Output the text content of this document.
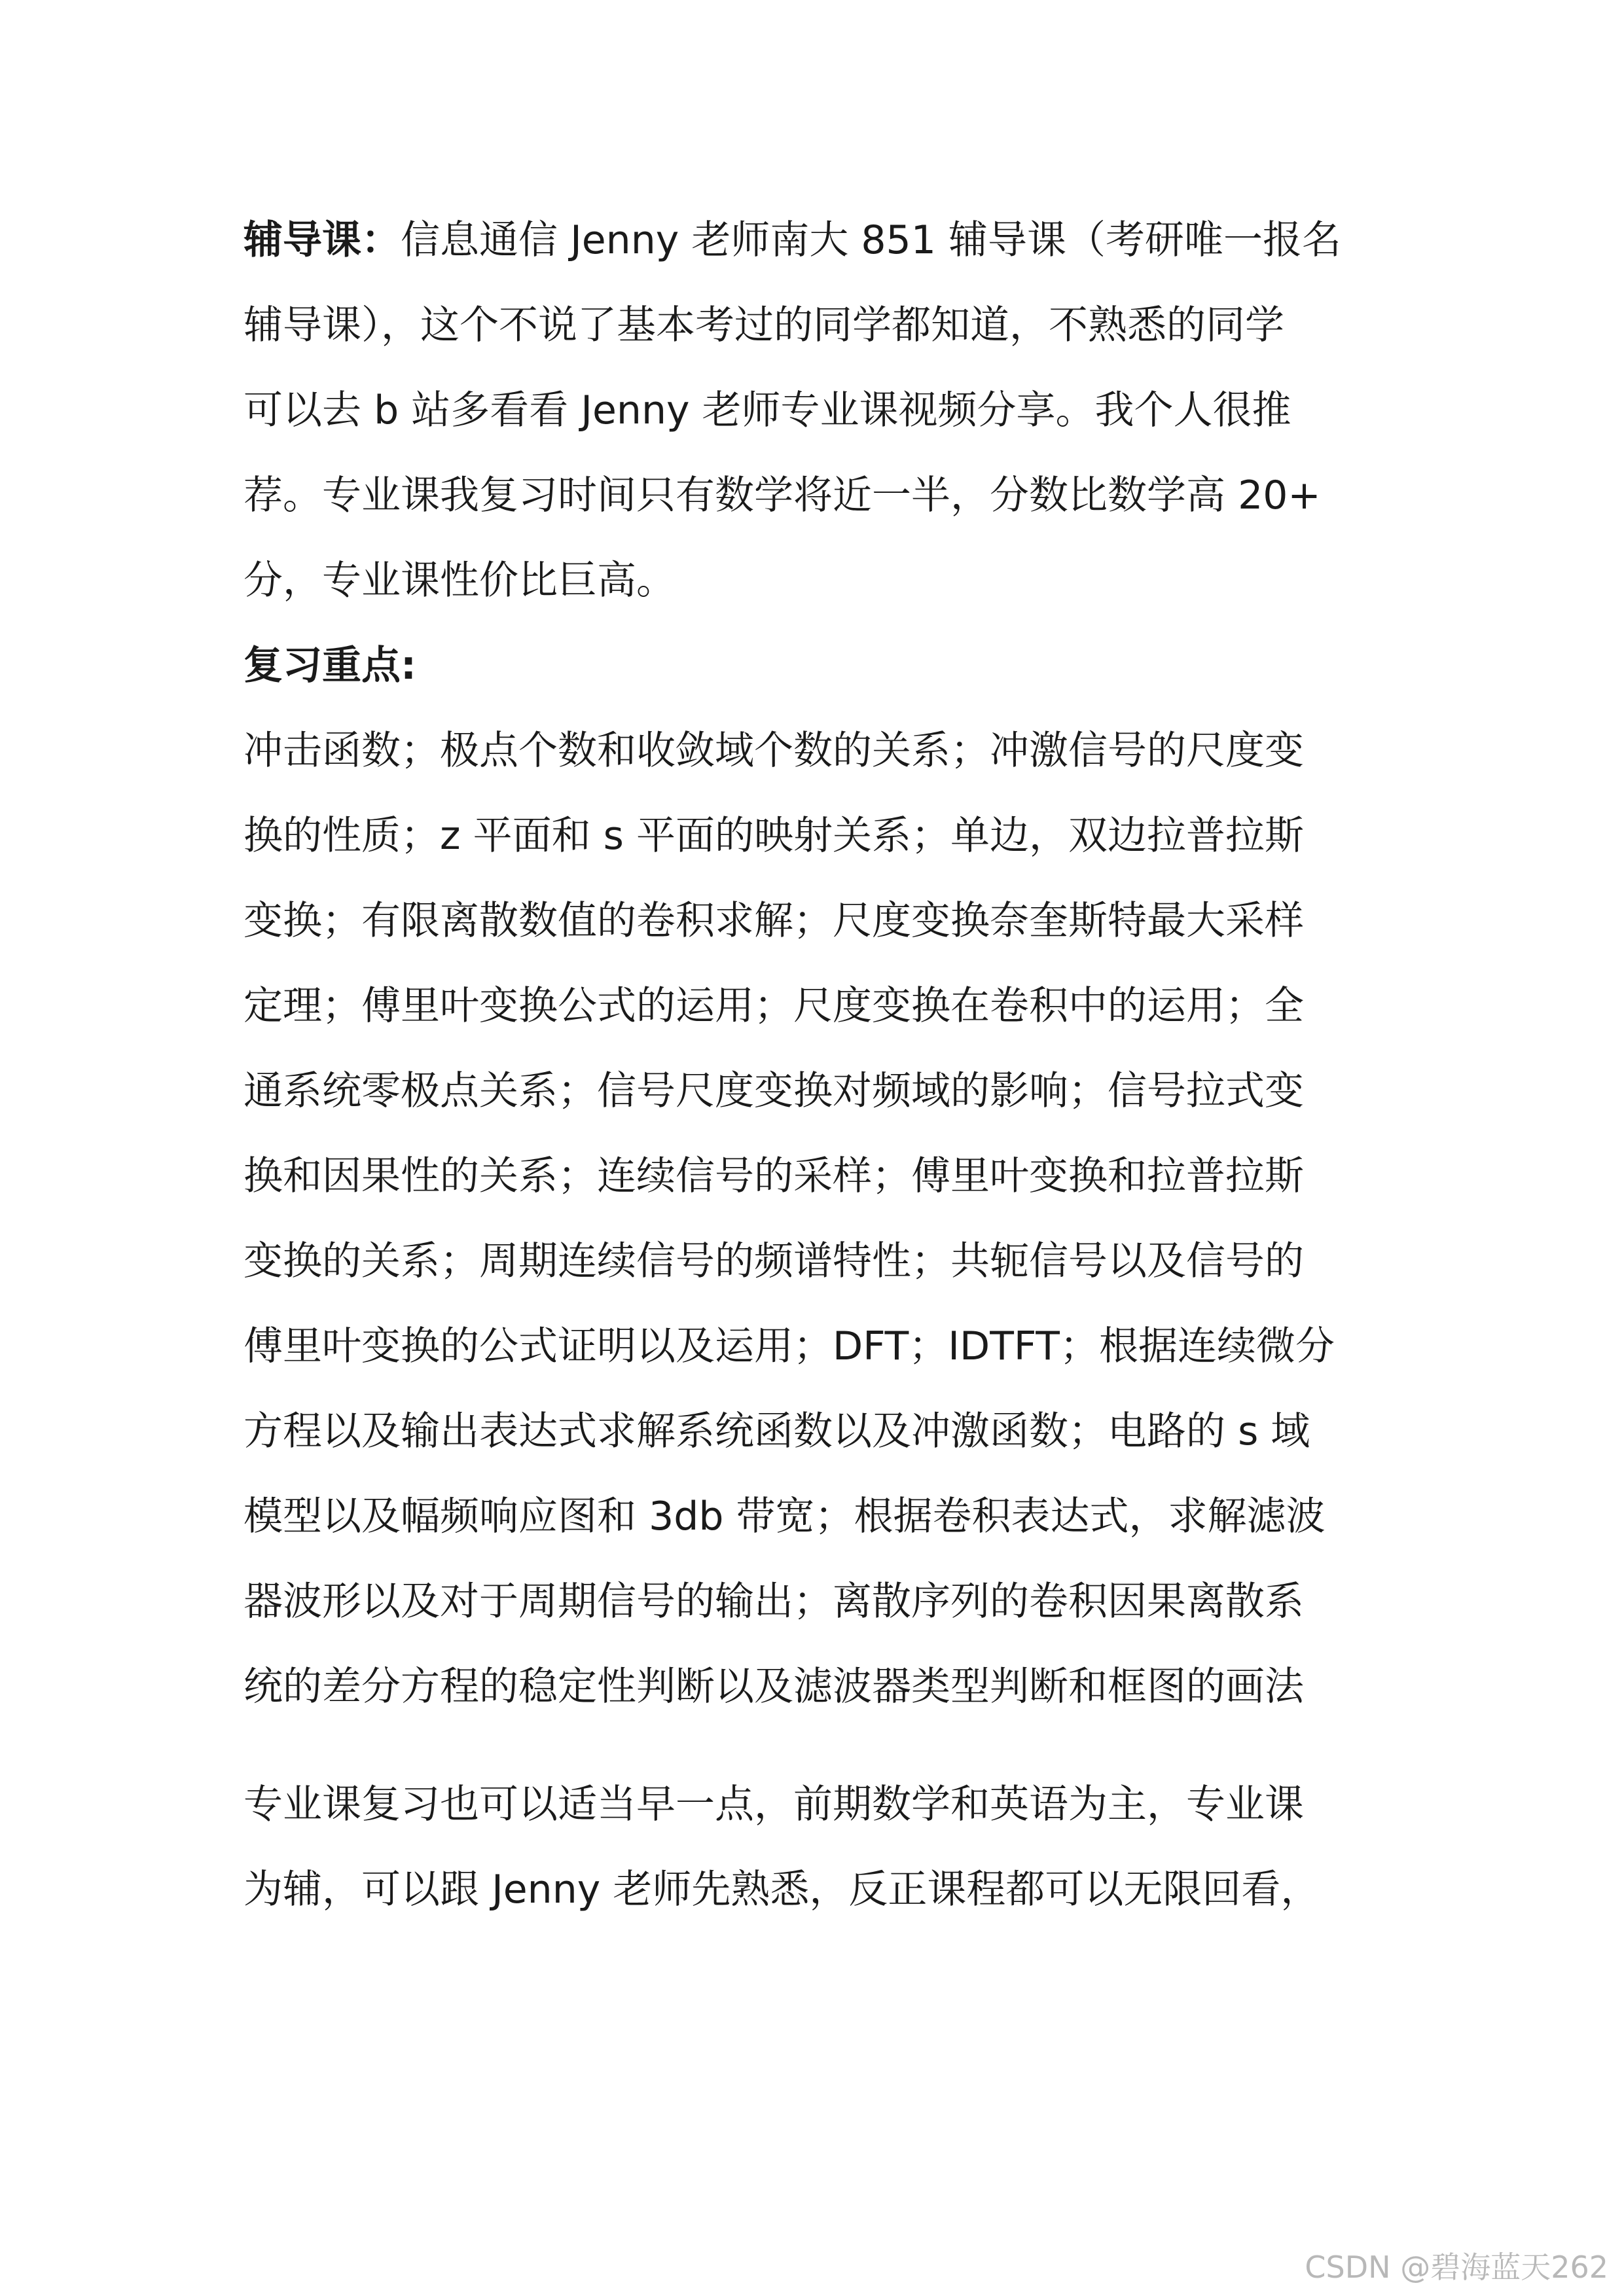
辅导课：信息通信 Jenny 老师南大 851 辅导课（考研唯一报名
辅导课），这个不说了基本考过的同学都知道，不熟悉的同学
可以去 b 站多看看 Jenny 老师专业课视频分享。我个人很推
荐。专业课我复习时间只有数学将近一半，分数比数学高 20+
分，专业课性价比巨高。
复习重点:
冲击函数；极点个数和收敛域个数的关系；冲激信号的尺度变
换的性质；z 平面和 s 平面的映射关系；单边，双边拉普拉斯
变换；有限离散数值的卷积求解；尺度变换奈奎斯特最大采样
定理；傅里叶变换公式的运用；尺度变换在卷积中的运用；全
通系统零极点关系；信号尺度变换对频域的影响；信号拉式变
换和因果性的关系；连续信号的采样；傅里叶变换和拉普拉斯
变换的关系；周期连续信号的频谱特性；共轭信号以及信号的
傅里叶变换的公式证明以及运用；DFT；IDTFT；根据连续微分
方程以及输出表达式求解系统函数以及冲激函数；电路的 s 域
模型以及幅频响应图和 3db 带宽；根据卷积表达式，求解滤波
器波形以及对于周期信号的输出；离散序列的卷积因果离散系
统的差分方程的稳定性判断以及滤波器类型判断和框图的画法
专业课复习也可以适当早一点，前期数学和英语为主，专业课
为辅，可以跟 Jenny 老师先熟悉，反正课程都可以无限回看，
CSDN @碧海蓝天262
